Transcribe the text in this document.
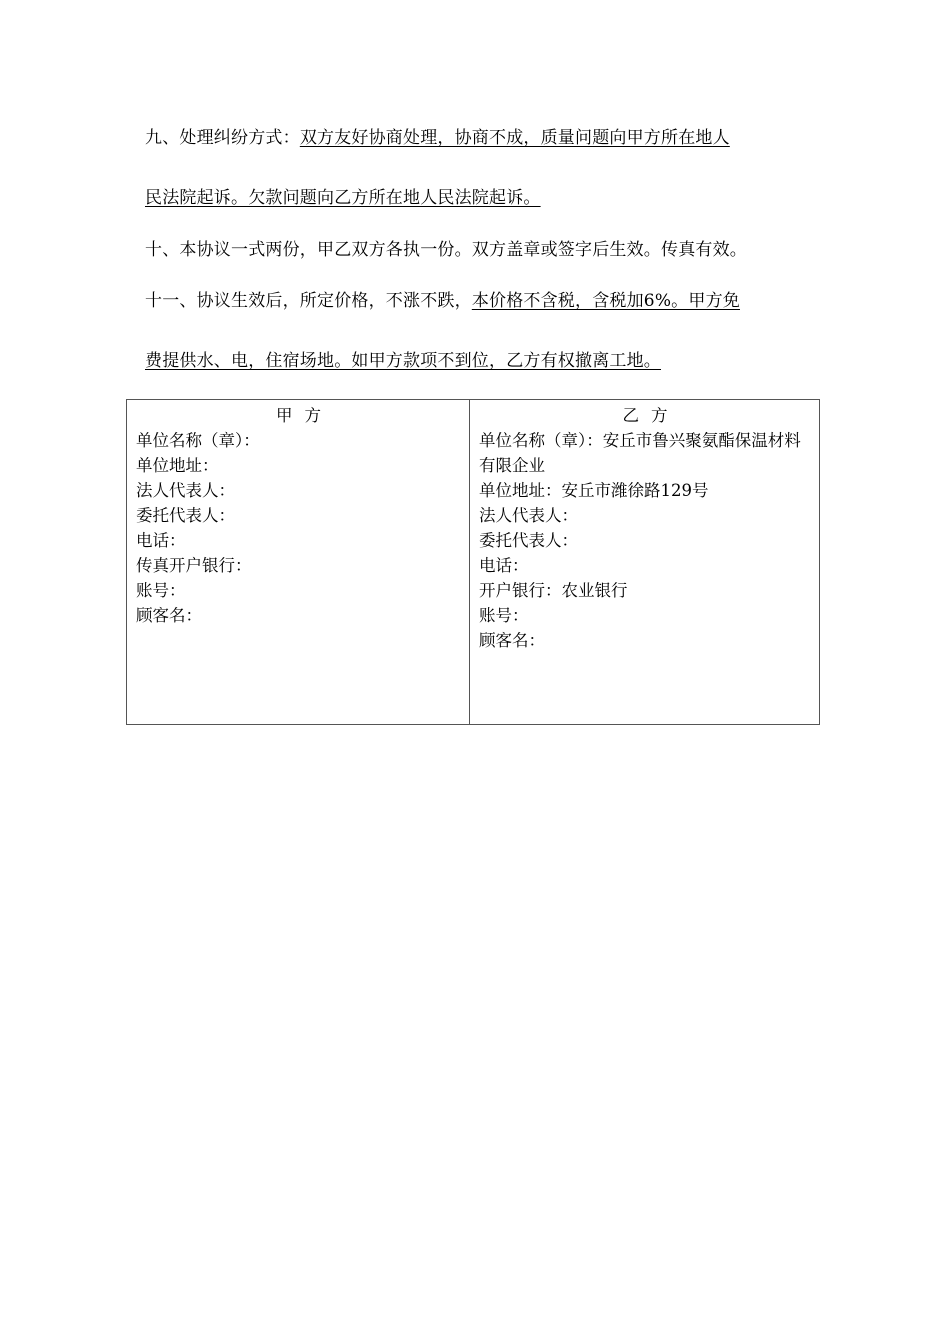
九、处理纠纷方式：双方友好协商处理，协商不成，质量问题向甲方所在地人
民法院起诉。欠款问题向乙方所在地人民法院起诉。
十、本协议一式两份，甲乙双方各执一份。双方盖章或签字后生效。传真有效。
十一、协议生效后，所定价格，不涨不跌，本价格不含税，含税加6%。甲方免
费提供水、电，住宿场地。如甲方款项不到位，乙方有权撤离工地。
甲方
单位名称（章）：
单位地址：
法人代表人：
委托代表人：
电话：
传真开户银行：
账号：
顾客名：
乙方
单位名称（章）：安丘市鲁兴聚氨酯保温材料有限企业
单位地址：安丘市潍徐路129号
法人代表人：
委托代表人：
电话：
开户银行：农业银行
账号：
顾客名：
